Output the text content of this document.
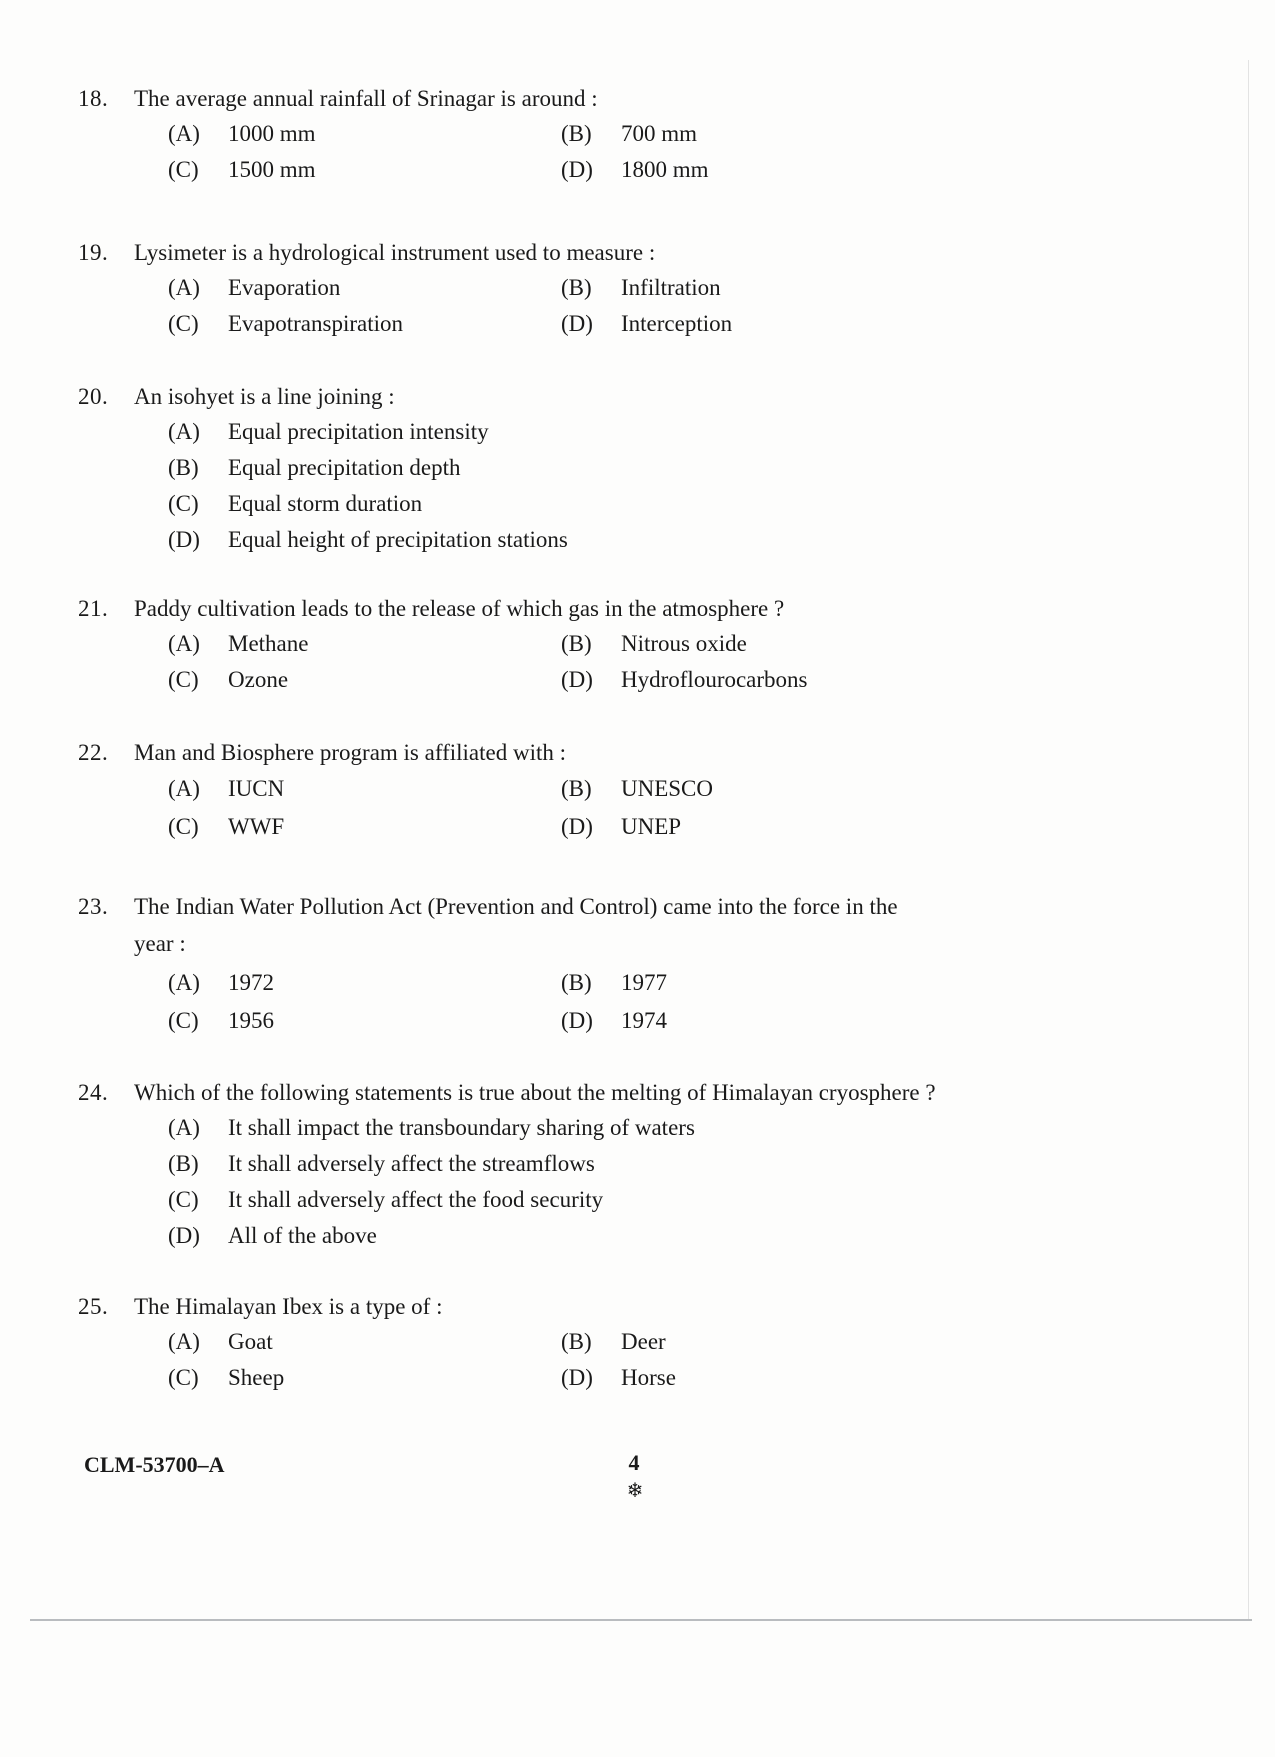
18.	The average annual rainfall of Srinagar is around :
(A) 1000 mm	(B) 700 mm
(C) 1500 mm	(D) 1800 mm
19.	Lysimeter is a hydrological instrument used to measure :
(A) Evaporation	(B) Infiltration
(C) Evapotranspiration	(D) Interception
20.	An isohyet is a line joining :
(A) Equal precipitation intensity
(B) Equal precipitation depth
(C) Equal storm duration
(D) Equal height of precipitation stations
21.	Paddy cultivation leads to the release of which gas in the atmosphere ?
(A) Methane	(B) Nitrous oxide
(C) Ozone	(D) Hydroflourocarbons
22.	Man and Biosphere program is affiliated with :
(A) IUCN	(B) UNESCO
(C) WWF	(D) UNEP
23.	The Indian Water Pollution Act (Prevention and Control) came into the force in the
year :
(A) 1972	(B) 1977
(C) 1956	(D) 1974
24.	Which of the following statements is true about the melting of Himalayan cryosphere ?
(A) It shall impact the transboundary sharing of waters
(B) It shall adversely affect the streamflows
(C) It shall adversely affect the food security
(D) All of the above
25.	The Himalayan Ibex is a type of :
(A) Goat	(B) Deer
(C) Sheep	(D) Horse
CLM-53700–A	4
❄
